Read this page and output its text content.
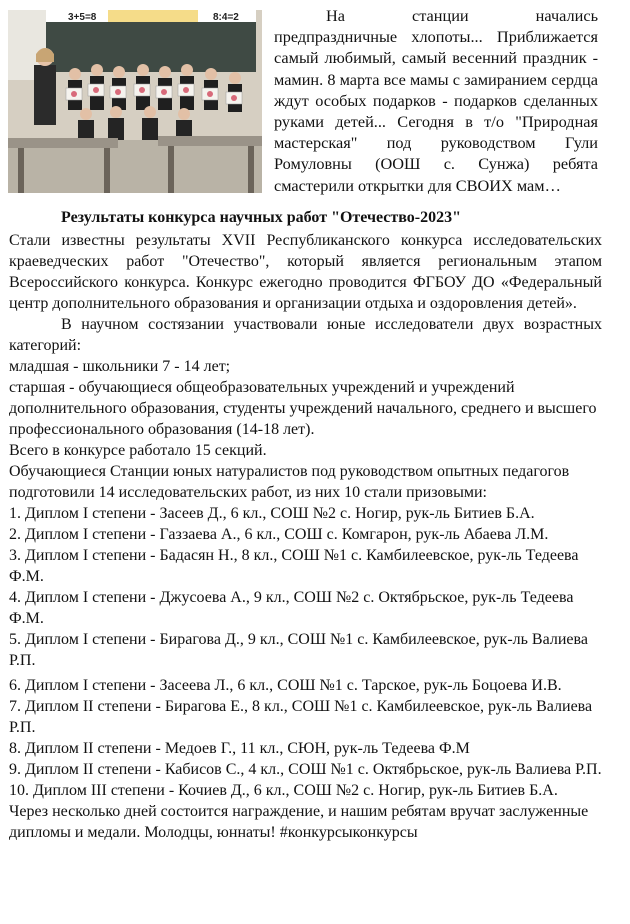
3+5=8	8:4=2	На станции начались предпраздничные хлопоты... Приближается самый любимый, самый весенний праздник - мамин. 8 марта все мамы с замиранием сердца ждут особых подарков - подарков сделанных руками детей... Сегодня в т/о "Природная мастерская" под руководством Гули Ромуловны (ООШ с. Сунжа) ребята смастерили открытки для СВОИХ мам…

Результаты конкурса научных работ "Отечество-2023"

Стали известны результаты XVII Республиканского конкурса исследовательских краеведческих работ "Отечество", который является региональным этапом Всероссийского конкурса. Конкурс ежегодно проводится ФГБОУ ДО «Федеральный центр дополнительного образования и организации отдыха и оздоровления детей».

В научном состязании участвовали юные исследователи двух возрастных категорий:

младшая - школьники 7 - 14 лет;

старшая - обучающиеся общеобразовательных учреждений и учреждений дополнительного образования, студенты учреждений начального, среднего и высшего профессионального образования (14-18 лет).

Всего в конкурсе работало 15 секций.

Обучающиеся Станции юных натуралистов под руководством опытных педагогов подготовили 14 исследовательских работ, из них 10 стали призовыми:

1. Диплом I степени - Засеев Д., 6 кл., СОШ №2 с. Ногир, рук-ль Битиев Б.А.

2. Диплом I степени - Газзаева А., 6 кл., СОШ с. Комгарон, рук-ль Абаева Л.М.

3. Диплом I степени - Бадасян Н., 8 кл., СОШ №1 с. Камбилеевское, рук-ль Тедеева Ф.М.

4. Диплом I степени - Джусоева А., 9 кл., СОШ №2 с. Октябрьское, рук-ль Тедеева Ф.М.

5. Диплом I степени - Бирагова Д., 9 кл., СОШ №1 с. Камбилеевское, рук-ль Валиева Р.П.

6. Диплом I степени - Засеева Л., 6 кл., СОШ №1 с. Тарское, рук-ль Боцоева И.В.

7. Диплом II степени - Бирагова Е., 8 кл., СОШ №1 с. Камбилеевское, рук-ль Валиева Р.П.

8. Диплом II степени - Медоев Г., 11 кл., СЮН, рук-ль Тедеева Ф.М

9. Диплом II степени - Кабисов С., 4 кл., СОШ №1 с. Октябрьское, рук-ль Валиева Р.П.

10. Диплом III степени - Кочиев Д., 6 кл., СОШ №2 с. Ногир, рук-ль Битиев Б.А.

Через несколько дней состоится награждение, и нашим ребятам вручат заслуженные дипломы и медали. Молодцы, юннаты! #конкурсыконкурсы
